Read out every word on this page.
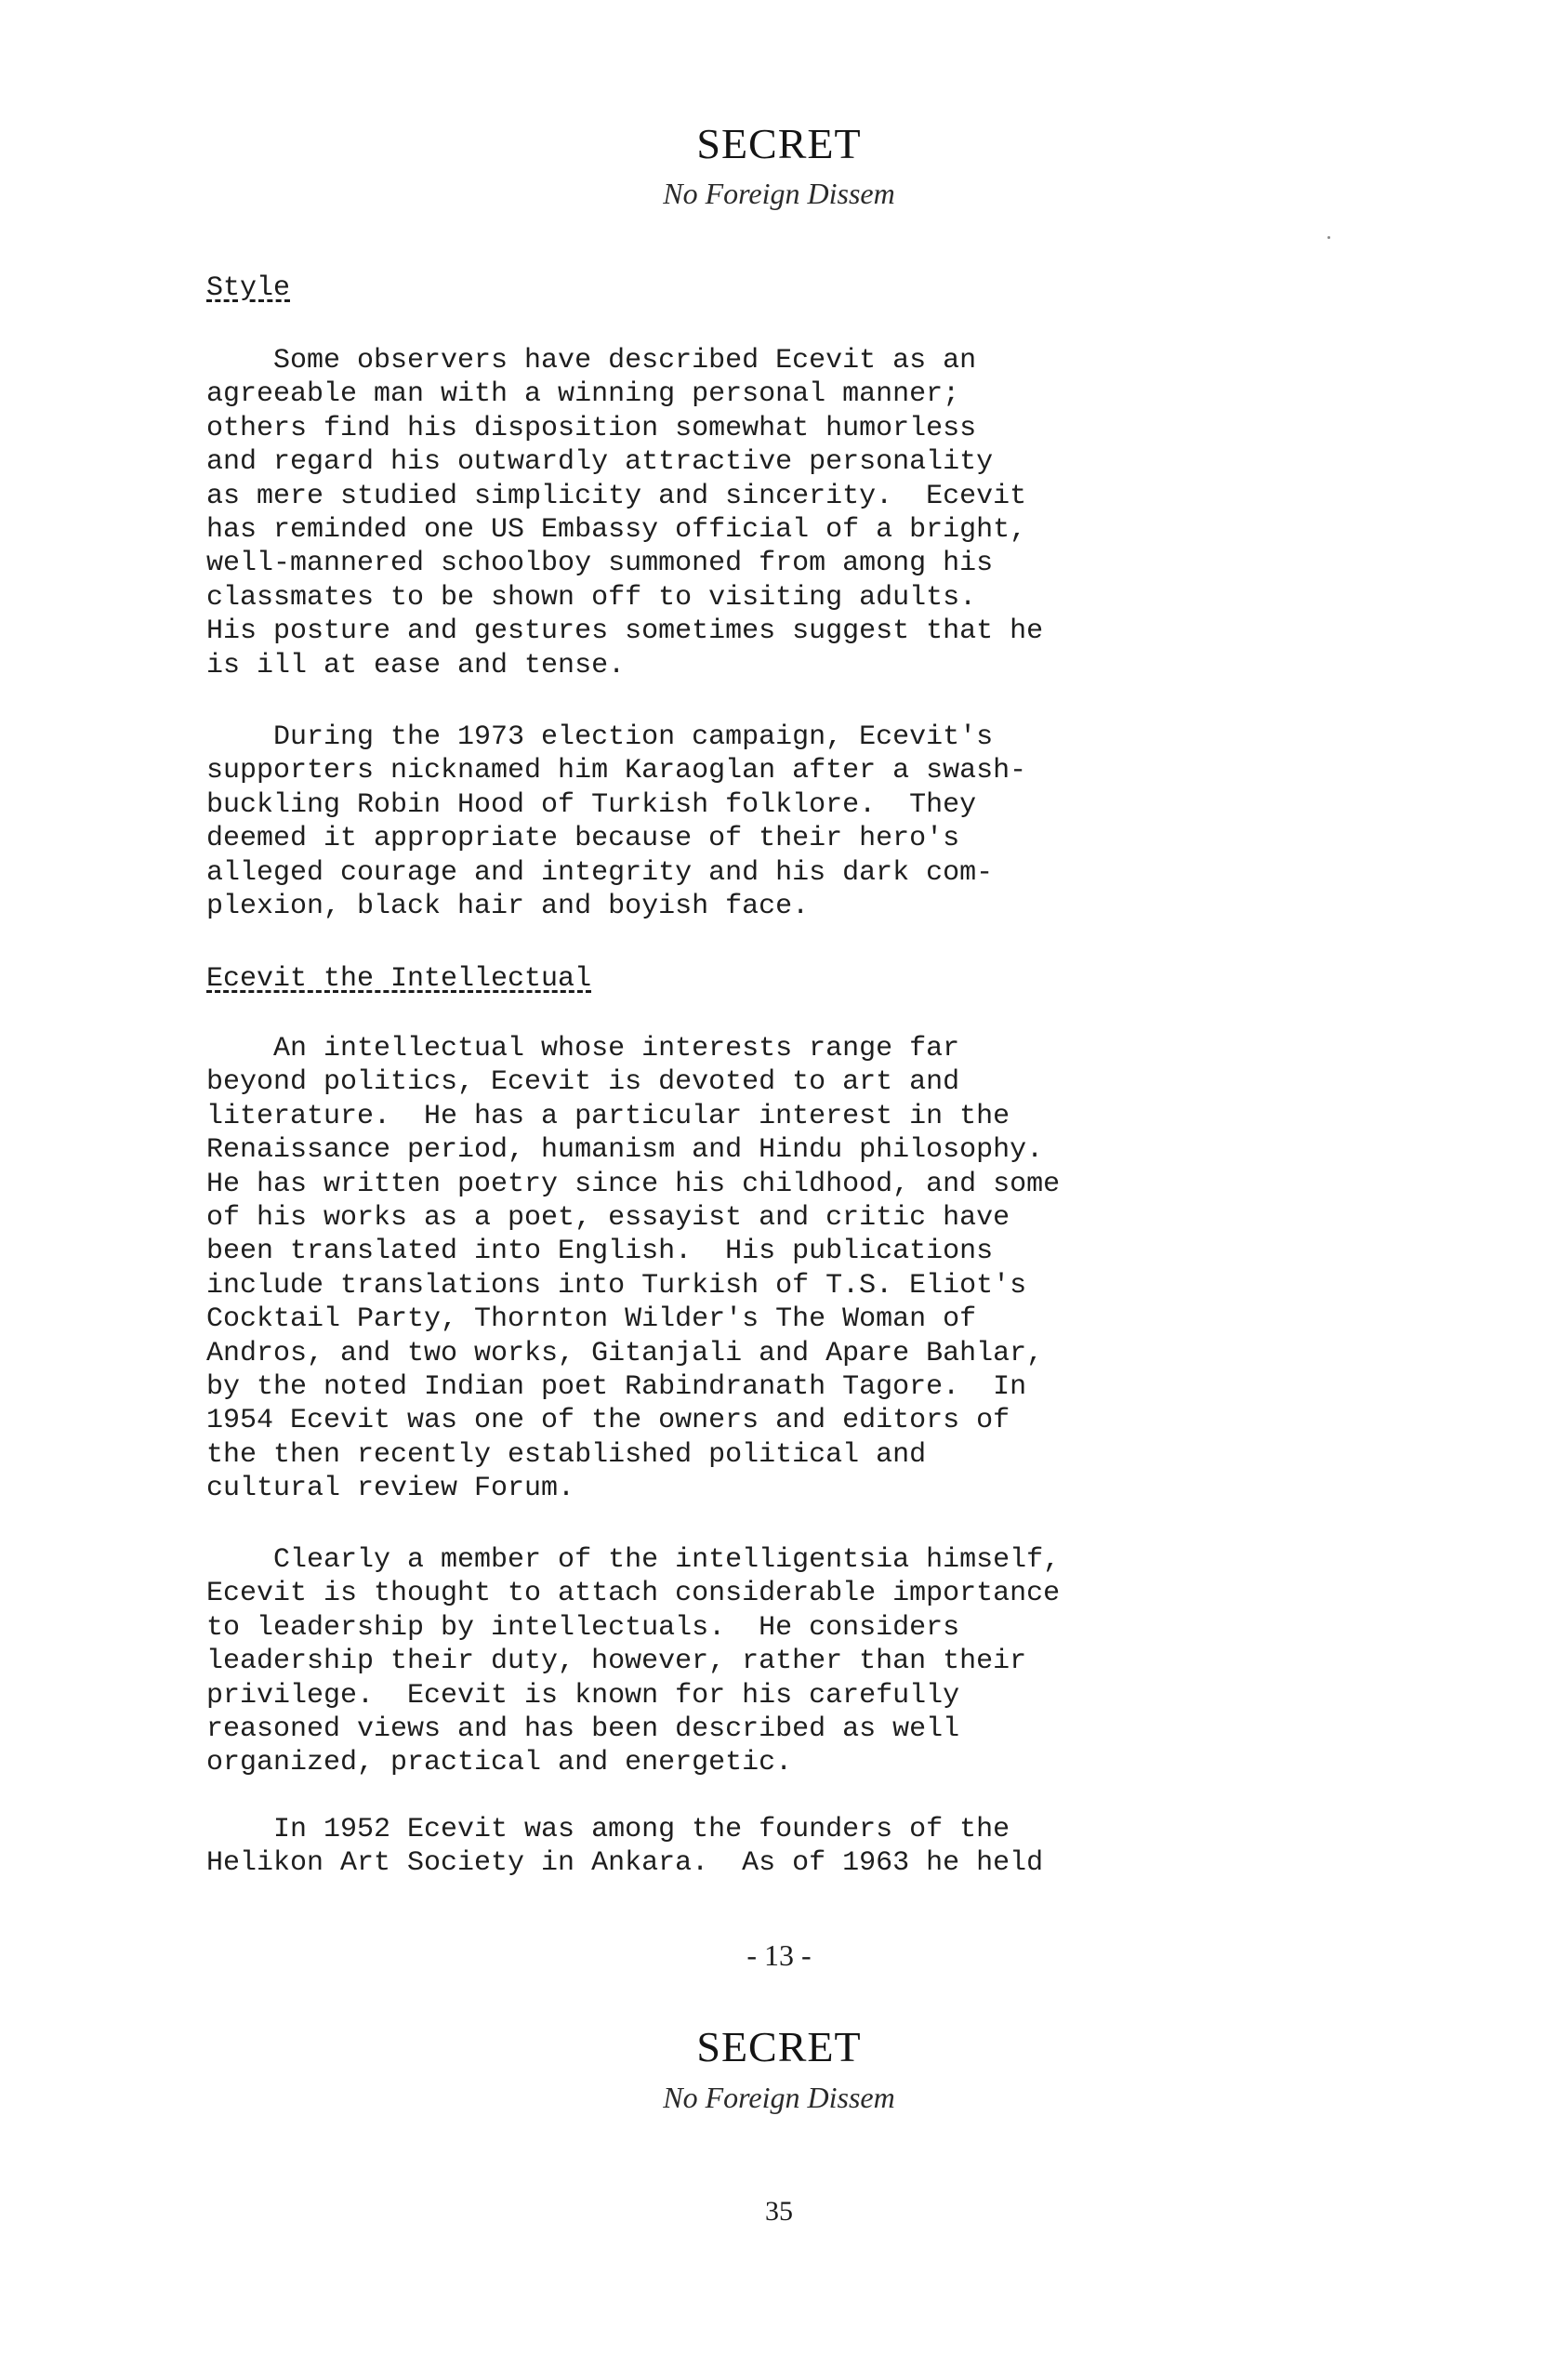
SECRET
No Foreign Dissem
Style
Some observers have described Ecevit as an
agreeable man with a winning personal manner;
others find his disposition somewhat humorless
and regard his outwardly attractive personality
as mere studied simplicity and sincerity.  Ecevit
has reminded one US Embassy official of a bright,
well-mannered schoolboy summoned from among his
classmates to be shown off to visiting adults.
His posture and gestures sometimes suggest that he
is ill at ease and tense.
During the 1973 election campaign, Ecevit's
supporters nicknamed him Karaoglan after a swash-
buckling Robin Hood of Turkish folklore.  They
deemed it appropriate because of their hero's
alleged courage and integrity and his dark com-
plexion, black hair and boyish face.
Ecevit the Intellectual
An intellectual whose interests range far
beyond politics, Ecevit is devoted to art and
literature.  He has a particular interest in the
Renaissance period, humanism and Hindu philosophy.
He has written poetry since his childhood, and some
of his works as a poet, essayist and critic have
been translated into English.  His publications
include translations into Turkish of T.S. Eliot's
Cocktail Party, Thornton Wilder's The Woman of
Andros, and two works, Gitanjali and Apare Bahlar,
by the noted Indian poet Rabindranath Tagore.  In
1954 Ecevit was one of the owners and editors of
the then recently established political and
cultural review Forum.
Clearly a member of the intelligentsia himself,
Ecevit is thought to attach considerable importance
to leadership by intellectuals.  He considers
leadership their duty, however, rather than their
privilege.  Ecevit is known for his carefully
reasoned views and has been described as well
organized, practical and energetic.
In 1952 Ecevit was among the founders of the
Helikon Art Society in Ankara.  As of 1963 he held
- 13 -
SECRET
No Foreign Dissem
35
